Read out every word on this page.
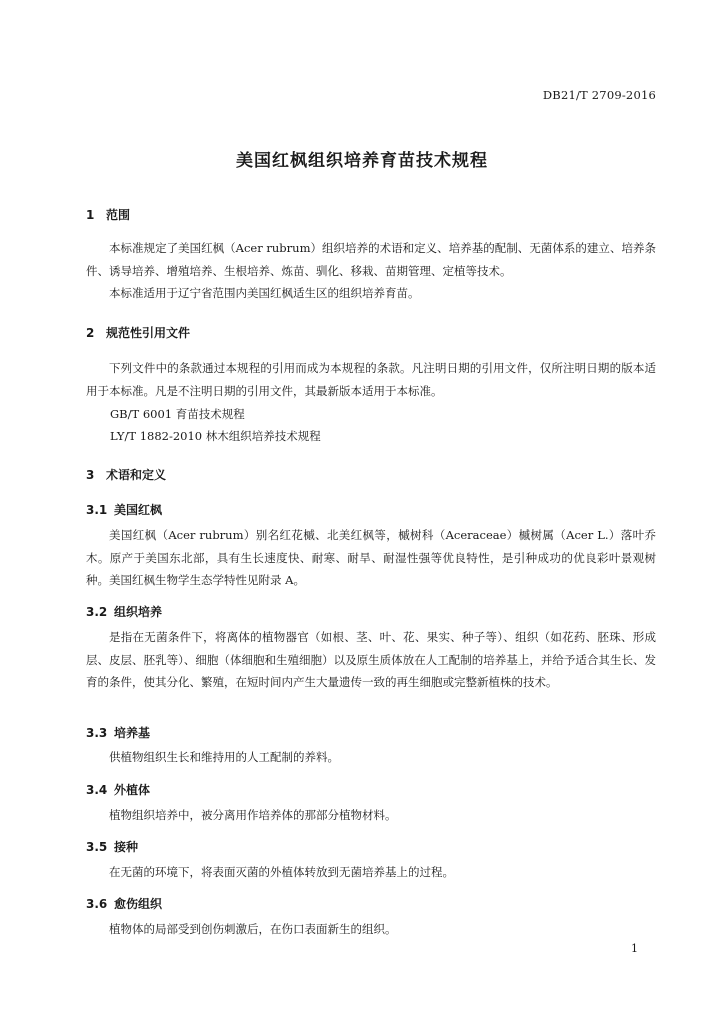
DB21/T 2709-2016
美国红枫组织培养育苗技术规程
1 范围
本标准规定了美国红枫（Acer rubrum）组织培养的术语和定义、培养基的配制、无菌体系的建立、培养条件、诱导培养、增殖培养、生根培养、炼苗、驯化、移栽、苗期管理、定植等技术。
本标准适用于辽宁省范围内美国红枫适生区的组织培养育苗。
2 规范性引用文件
下列文件中的条款通过本规程的引用而成为本规程的条款。凡注明日期的引用文件，仅所注明日期的版本适用于本标准。凡是不注明日期的引用文件，其最新版本适用于本标准。
GB/T 6001 育苗技术规程
LY/T 1882-2010 林木组织培养技术规程
3 术语和定义
3.1 美国红枫
美国红枫（Acer rubrum）别名红花槭、北美红枫等，槭树科（Aceraceae）槭树属（Acer L.）落叶乔木。原产于美国东北部，具有生长速度快、耐寒、耐旱、耐湿性强等优良特性，是引种成功的优良彩叶景观树种。美国红枫生物学生态学特性见附录 A。
3.2 组织培养
是指在无菌条件下，将离体的植物器官（如根、茎、叶、花、果实、种子等）、组织（如花药、胚珠、形成层、皮层、胚乳等）、细胞（体细胞和生殖细胞）以及原生质体放在人工配制的培养基上，并给予适合其生长、发育的条件，使其分化、繁殖，在短时间内产生大量遗传一致的再生细胞或完整新植株的技术。
3.3 培养基
供植物组织生长和维持用的人工配制的养料。
3.4 外植体
植物组织培养中，被分离用作培养体的那部分植物材料。
3.5 接种
在无菌的环境下，将表面灭菌的外植体转放到无菌培养基上的过程。
3.6 愈伤组织
植物体的局部受到创伤刺激后，在伤口表面新生的组织。
1
